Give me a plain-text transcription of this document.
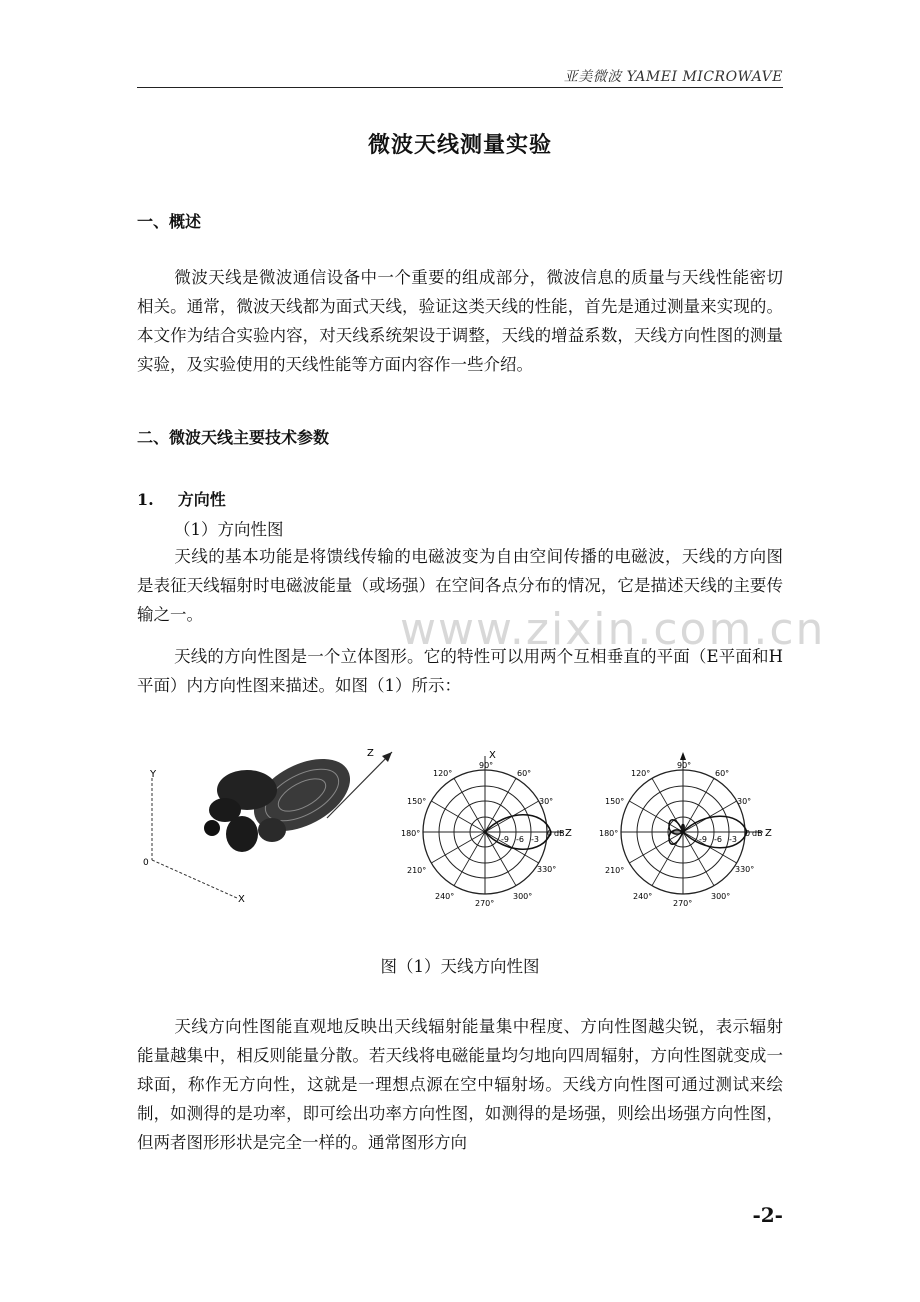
亚美微波 YAMEI MICROWAVE
微波天线测量实验
一、概述
微波天线是微波通信设备中一个重要的组成部分，微波信息的质量与天线性能密切相关。通常，微波天线都为面式天线，验证这类天线的性能，首先是通过测量来实现的。本文作为结合实验内容，对天线系统架设于调整，天线的增益系数，天线方向性图的测量实验，及实验使用的天线性能等方面内容作一些介绍。
二、微波天线主要技术参数
1. 方向性
（1）方向性图
天线的基本功能是将馈线传输的电磁波变为自由空间传播的电磁波，天线的方向图是表征天线辐射时电磁波能量（或场强）在空间各点分布的情况，它是描述天线的主要传输之一。	www.zixin.com.cn
天线的方向性图是一个立体图形。它的特性可以用两个互相垂直的平面（E平面和H平面）内方向性图来描述。如图（1）所示：
Y
X
Z
0
X
Z
90°
60°
30°
330°
300°
270°
240°
210°
180°
150°
120°
-9 -6 -3
0 dB	Z
90°
60°
30°
330°
300°
270°
240°
210°
180°
150°
120°
-9 -6 -3
0 dB
图（1）天线方向性图
天线方向性图能直观地反映出天线辐射能量集中程度、方向性图越尖锐，表示辐射能量越集中，相反则能量分散。若天线将电磁能量均匀地向四周辐射，方向性图就变成一球面，称作无方向性，这就是一理想点源在空中辐射场。天线方向性图可通过测试来绘制，如测得的是功率，即可绘出功率方向性图，如测得的是场强，则绘出场强方向性图，但两者图形形状是完全一样的。通常图形方向
-2-
